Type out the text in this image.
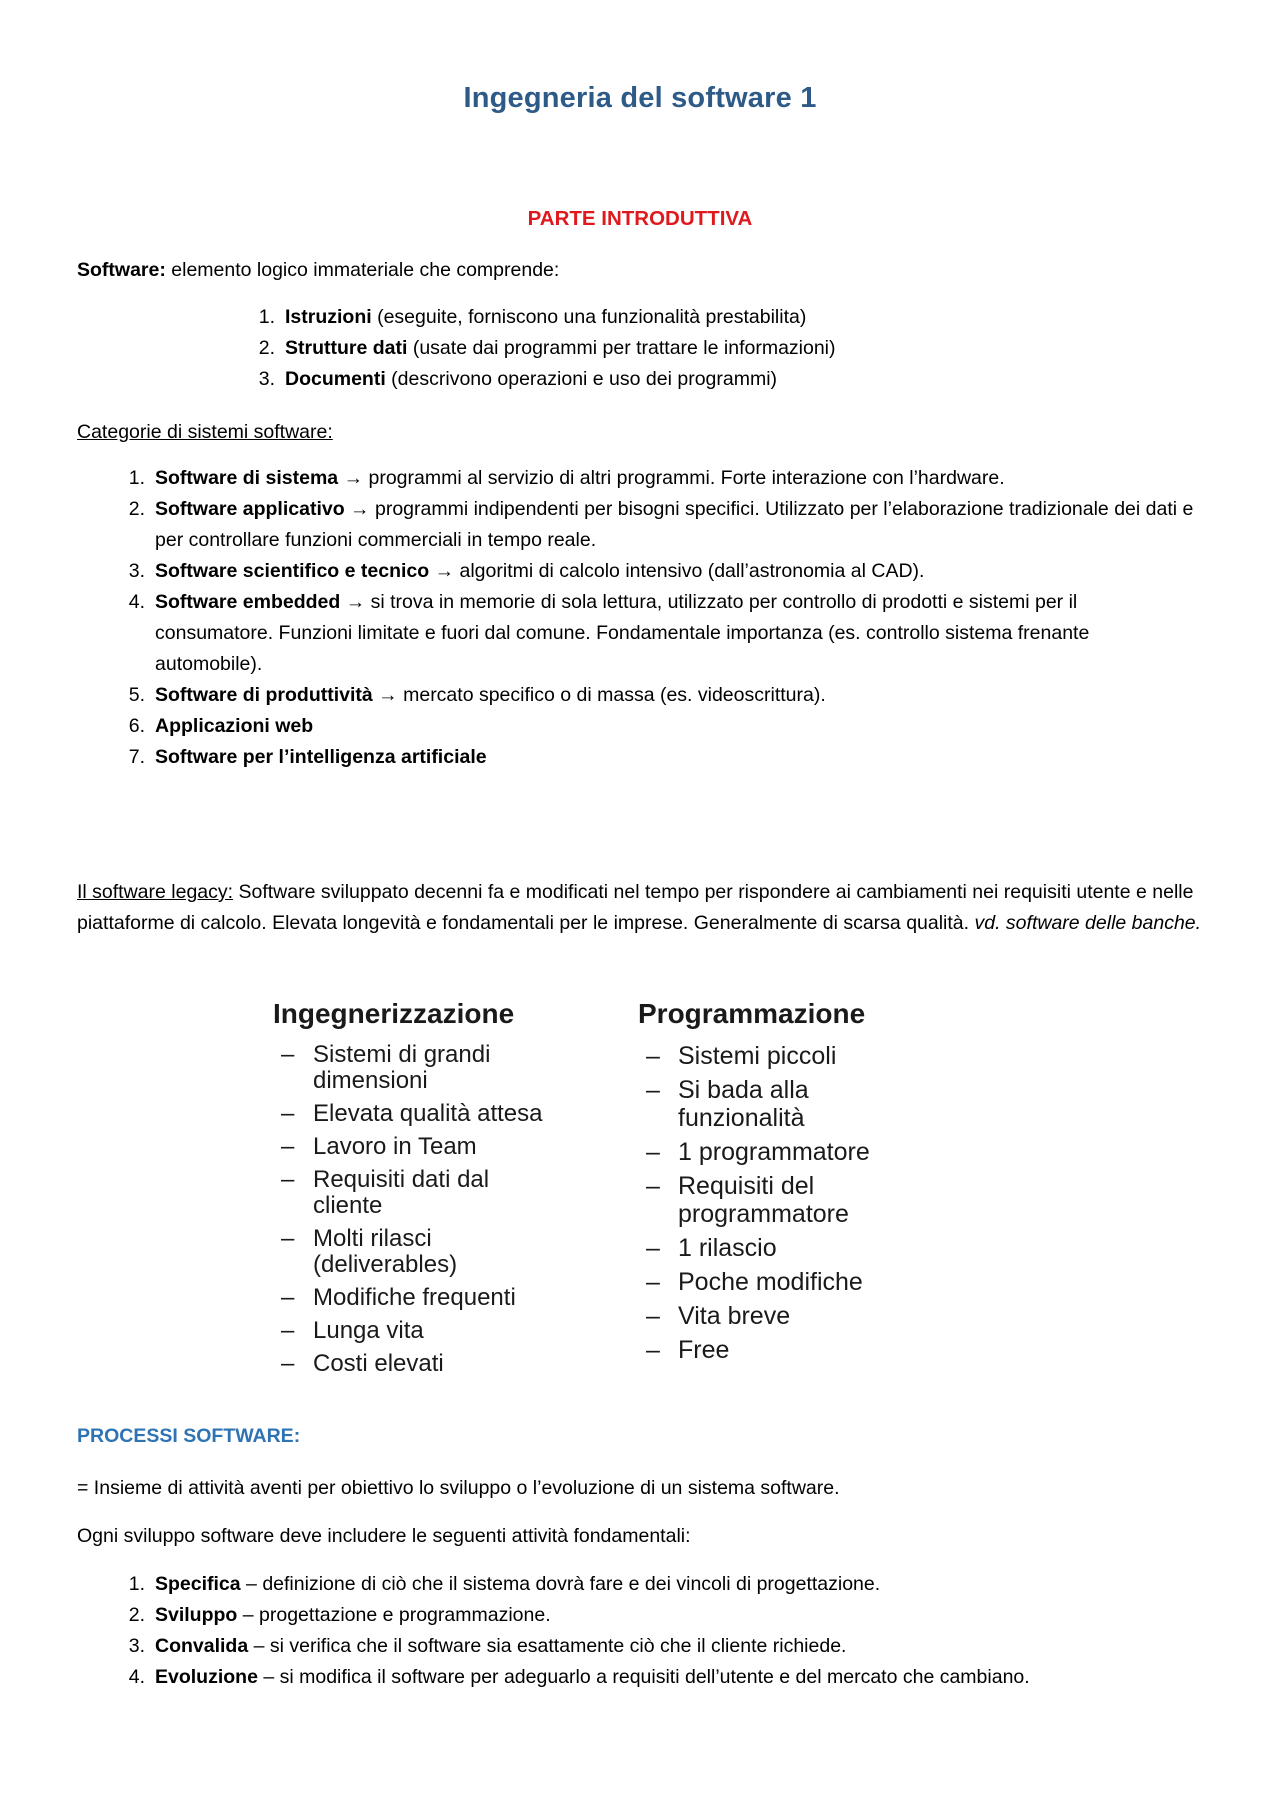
Ingegneria del software 1
PARTE INTRODUTTIVA
Software: elemento logico immateriale che comprende:
1. Istruzioni (eseguite, forniscono una funzionalità prestabilita)
2. Strutture dati (usate dai programmi per trattare le informazioni)
3. Documenti (descrivono operazioni e uso dei programmi)
Categorie di sistemi software:
1. Software di sistema → programmi al servizio di altri programmi. Forte interazione con l’hardware.
2. Software applicativo → programmi indipendenti per bisogni specifici. Utilizzato per l’elaborazione tradizionale dei dati e per controllare funzioni commerciali in tempo reale.
3. Software scientifico e tecnico → algoritmi di calcolo intensivo (dall’astronomia al CAD).
4. Software embedded → si trova in memorie di sola lettura, utilizzato per controllo di prodotti e sistemi per il consumatore. Funzioni limitate e fuori dal comune. Fondamentale importanza (es. controllo sistema frenante automobile).
5. Software di produttività → mercato specifico o di massa (es. videoscrittura).
6. Applicazioni web
7. Software per l’intelligenza artificiale
Il software legacy: Software sviluppato decenni fa e modificati nel tempo per rispondere ai cambiamenti nei requisiti utente e nelle piattaforme di calcolo. Elevata longevità e fondamentali per le imprese. Generalmente di scarsa qualità. vd. software delle banche.
Ingegnerizzazione
– Sistemi di grandi dimensioni
– Elevata qualità attesa
– Lavoro in Team
– Requisiti dati dal cliente
– Molti rilasci (deliverables)
– Modifiche frequenti
– Lunga vita
– Costi elevati
Programmazione
– Sistemi piccoli
– Si bada alla funzionalità
– 1 programmatore
– Requisiti del programmatore
– 1 rilascio
– Poche modifiche
– Vita breve
– Free
PROCESSI SOFTWARE:
= Insieme di attività aventi per obiettivo lo sviluppo o l’evoluzione di un sistema software.
Ogni sviluppo software deve includere le seguenti attività fondamentali:
1. Specifica – definizione di ciò che il sistema dovrà fare e dei vincoli di progettazione.
2. Sviluppo – progettazione e programmazione.
3. Convalida – si verifica che il software sia esattamente ciò che il cliente richiede.
4. Evoluzione – si modifica il software per adeguarlo a requisiti dell’utente e del mercato che cambiano.
